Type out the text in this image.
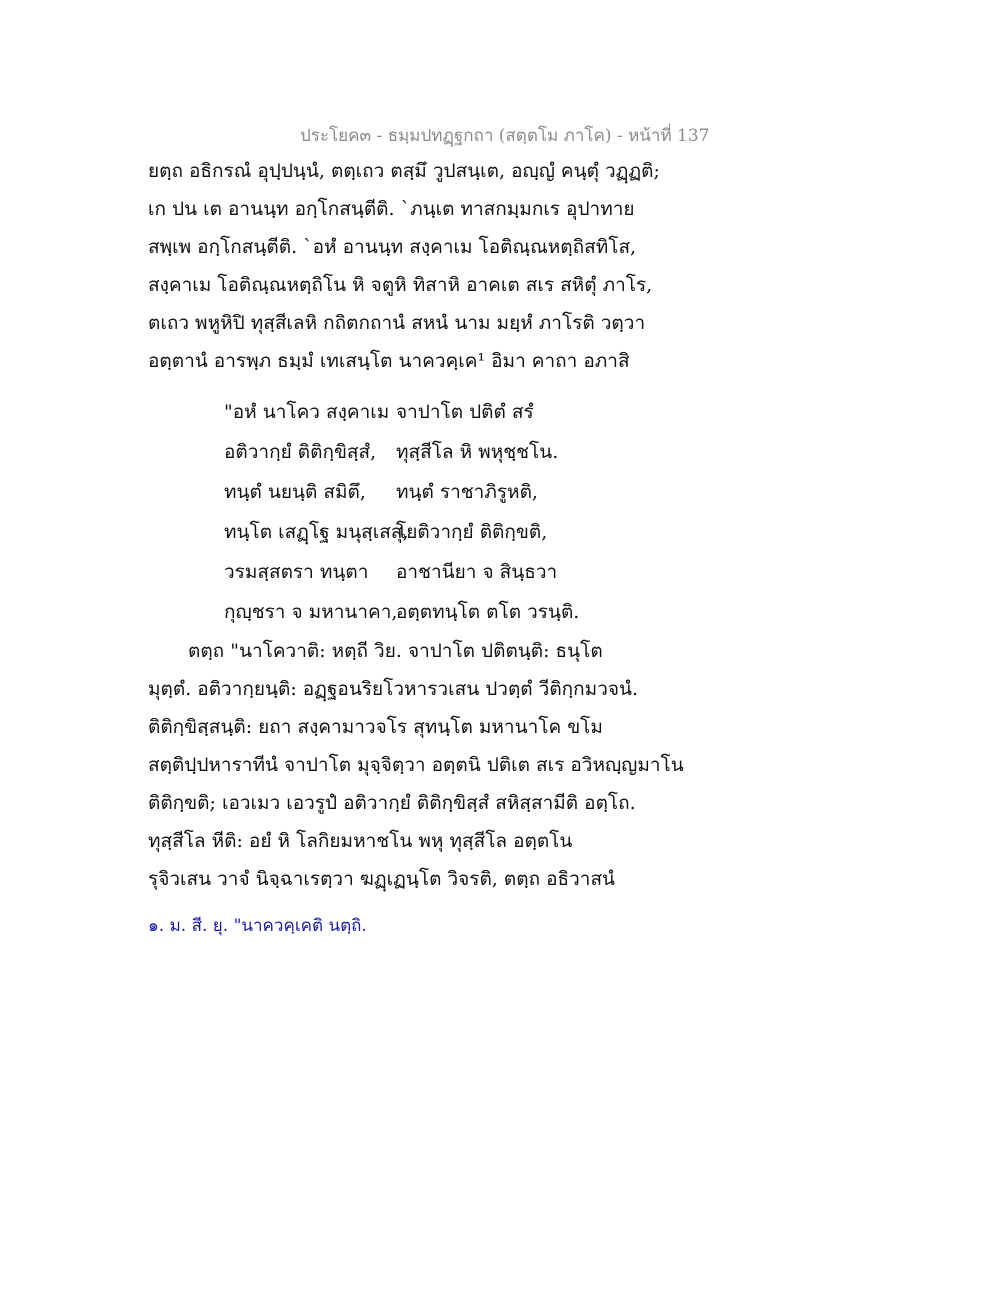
ประโยค๓ - ธมฺมปทฏฺฐกถา (สตฺตโม ภาโค) - หน้าที่ 137
ยตฺถ อธิกรณํ อุปฺปนฺนํ, ตตฺเถว ตสฺมึ วูปสนฺเต, อญฺญํ คนฺตุํ วฏฺฏติ;
เก ปน เต อานนฺท อกฺโกสนฺตีติ. `ภนฺเต ทาสกมฺมกเร อุปาทาย
สพฺเพ อกฺโกสนฺตีติ. `อหํ อานนฺท สงฺคาเม โอติณฺณหตฺถิสทิโส,
สงฺคาเม โอติณฺณหตฺถิโน หิ จตูหิ ทิสาหิ อาคเต สเร สหิตุํ ภาโร,
ตเถว พหูหิปิ ทุสฺสีเลหิ กถิตกถานํ สหนํ นาม มยฺหํ ภาโรติ วตฺวา
อตฺตานํ อารพฺภ ธมฺมํ เทเสนฺโต นาควคฺเค¹ อิมา คาถา อภาสิ
"อหํ นาโคว สงฺคาเม จาปาโต ปติตํ สรํ
อติวากฺยํ ติติกฺขิสฺสํ, ทุสฺสีโล หิ พหุชฺชโน.
ทนฺตํ นยนฺติ สมิตึ, ทนฺตํ ราชาภิรูหติ,
ทนฺโต เสฏฺโฐ มนุสฺเสสุ,โยติวากฺยํ ติติกฺขติ,
วรมสฺสตรา ทนฺตา อาชานียา จ สินฺธวา
กุญฺชรา จ มหานาคา,อตฺตทนฺโต ตโต วรนฺติ.
ตตฺถ "นาโควาติ: หตฺถี วิย. จาปาโต ปติตนฺติ: ธนุโต
มุตฺตํ. อติวากฺยนฺติ: อฏฺฐอนริยโวหารวเสน ปวตฺตํ วีติกฺกมวจนํ.
ติติกฺขิสฺสนฺติ: ยถา สงฺคามาวจโร สุทนฺโต มหานาโค ขโม
สตฺติปฺปหาราทีนํ จาปาโต มุจฺจิตฺวา อตฺตนิ ปติเต สเร อวิหญฺญมาโน
ติติกฺขติ; เอวเมว เอวรูปํ อติวากฺยํ ติติกฺขิสฺสํ สหิสฺสามีติ อตฺโถ.
ทุสฺสีโล หีติ: อยํ หิ โลกิยมหาชโน พหุ ทุสฺสีโล อตฺตโน
รุจิวเสน วาจํ นิจฺฉาเรตฺวา ฆฏฺเฏนฺโต วิจรติ, ตตฺถ อธิวาสนํ
๑. ม. สี. ยุ. "นาควคฺเคติ นตฺถิ.
